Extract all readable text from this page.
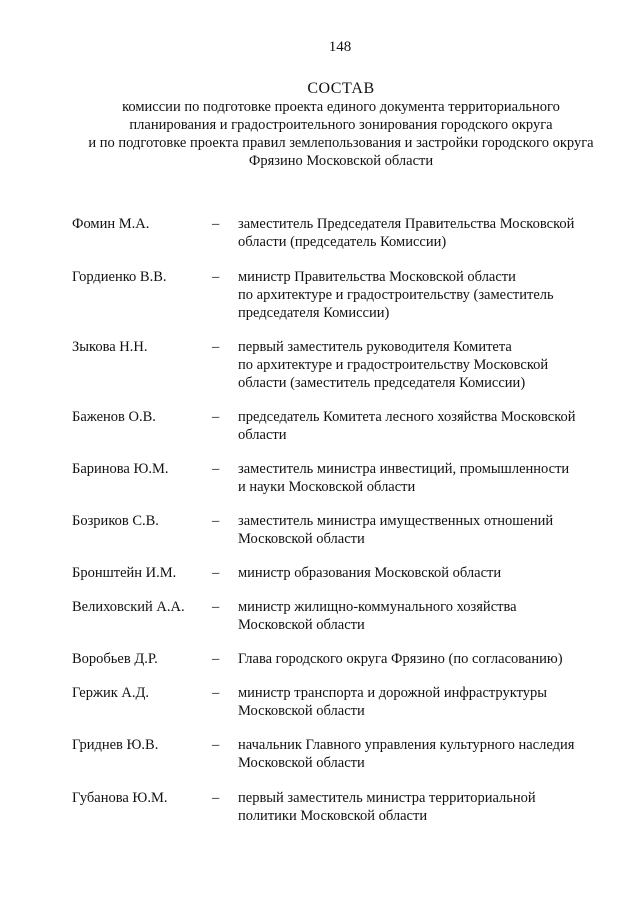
148
СОСТАВ
комиссии по подготовке проекта единого документа территориального
планирования и градостроительного зонирования городского округа
и по подготовке проекта правил землепользования и застройки городского округа
Фрязино Московской области
Фомин М.А.	– заместитель Председателя Правительства Московской
области (председатель Комиссии)
Гордиенко В.В.	– министр Правительства Московской области
по архитектуре и градостроительству (заместитель
председателя Комиссии)
Зыкова Н.Н.	– первый заместитель руководителя Комитета
по архитектуре и градостроительству Московской
области (заместитель председателя Комиссии)
Баженов О.В.	– председатель Комитета лесного хозяйства Московской
области
Баринова Ю.М.	– заместитель министра инвестиций, промышленности
и науки Московской области
Бозриков С.В.	– заместитель министра имущественных отношений
Московской области
Бронштейн И.М. – министр образования Московской области
Велиховский А.А. – министр жилищно-коммунального хозяйства
Московской области
Воробьев Д.Р.	– Глава городского округа Фрязино (по согласованию)
Гержик А.Д.	– министр транспорта и дорожной инфраструктуры
Московской области
Гриднев Ю.В.	– начальник Главного управления культурного наследия
Московской области
Губанова Ю.М.	– первый заместитель министра территориальной
политики Московской области
